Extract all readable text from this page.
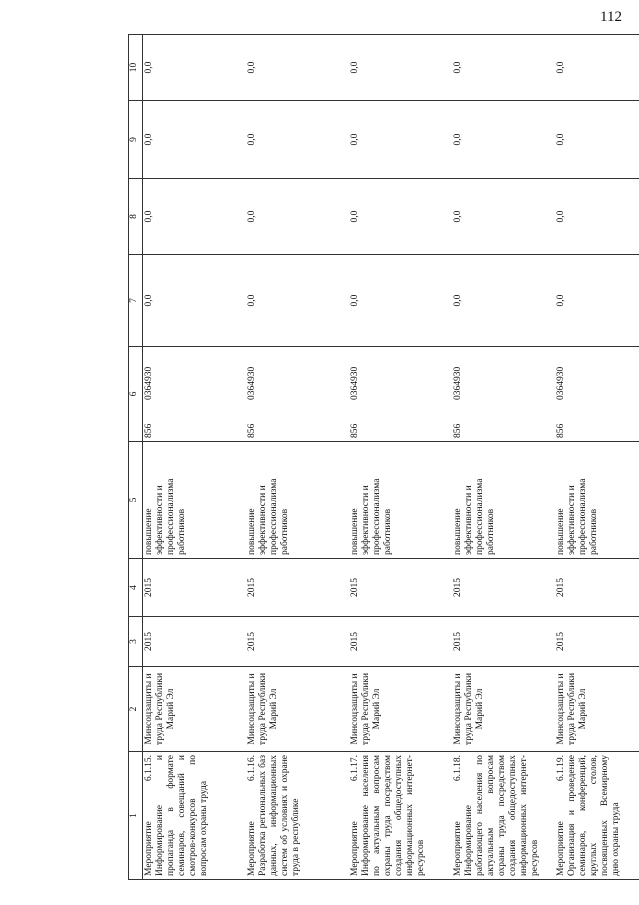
112
1	2	3	4	5	6	7	8	9	10
Мероприятие 6.1.15. Информирование и пропаганда в формате семинаров, совещаний и смотров-конкурсов по вопросам охраны труда	Минсоцзащиты и труда Республики Марий Эл	2015	2015	повышение эффективности и профессионализма работников	8560364930	0,0	0,0	0,0	0,0
Мероприятие 6.1.16. Разработка региональных баз данных, информационных систем об условиях и охране труда в республике	Минсоцзащиты и труда Республики Марий Эл	2015	2015	повышение эффективности и профессионализма работников	8560364930	0,0	0,0	0,0	0,0
Мероприятие 6.1.17. Информирование населения по актуальным вопросам охраны труда посредством создания общедоступных информационных интернет-ресурсов	Минсоцзащиты и труда Республики Марий Эл	2015	2015	повышение эффективности и профессионализма работников	8560364930	0,0	0,0	0,0	0,0
Мероприятие 6.1.18. Информирование работающего населения по актуальным вопросам охраны труда посредством создания общедоступных информационных интернет-ресурсов	Минсоцзащиты и труда Республики Марий Эл	2015	2015	повышение эффективности и профессионализма работников	8560364930	0,0	0,0	0,0	0,0
Мероприятие 6.1.19. Организация и проведение семинаров, конференций, круглых столов, посвященных Всемирному дню охраны труда	Минсоцзащиты и труда Республики Марий Эл	2015	2015	повышение эффективности и профессионализма работников	8560364930	0,0	0,0	0,0	0,0
